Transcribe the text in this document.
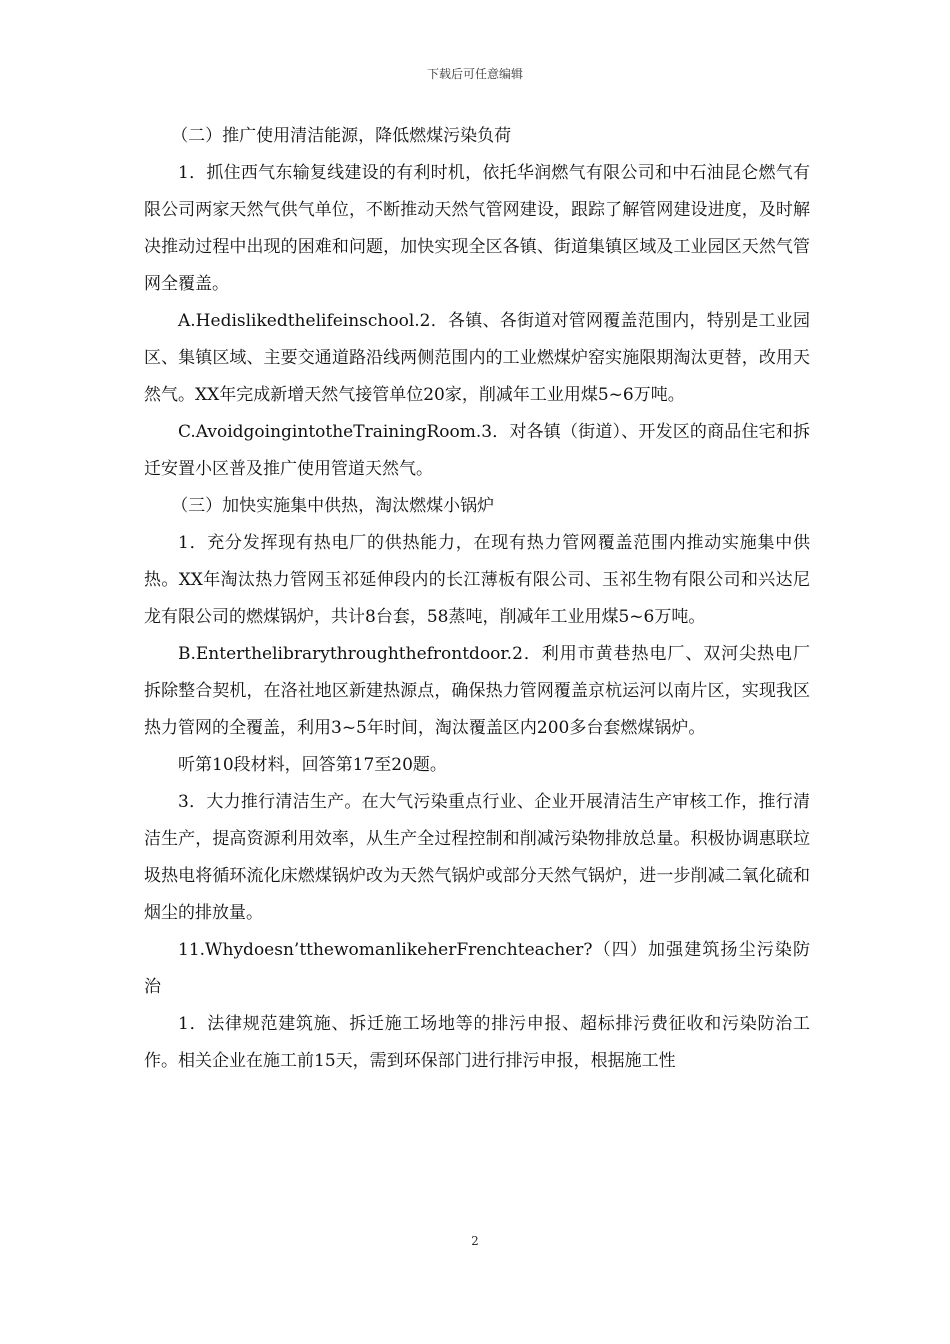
下载后可任意编辑

（二）推广使用清洁能源，降低燃煤污染负荷

1．抓住西气东输复线建设的有利时机，依托华润燃气有限公司和中石油昆仑燃气有限公司两家天然气供气单位，不断推动天然气管网建设，跟踪了解管网建设进度，及时解决推动过程中出现的困难和问题，加快实现全区各镇、街道集镇区域及工业园区天然气管网全覆盖。

A.Hedislikedthelifeinschool.2．各镇、各街道对管网覆盖范围内，特别是工业园区、集镇区域、主要交通道路沿线两侧范围内的工业燃煤炉窑实施限期淘汰更替，改用天然气。XX年完成新增天然气接管单位20家，削减年工业用煤5~6万吨。

C.AvoidgoingintotheTrainingRoom.3．对各镇（街道）、开发区的商品住宅和拆迁安置小区普及推广使用管道天然气。

（三）加快实施集中供热，淘汰燃煤小锅炉

1．充分发挥现有热电厂的供热能力，在现有热力管网覆盖范围内推动实施集中供热。XX年淘汰热力管网玉祁延伸段内的长江薄板有限公司、玉祁生物有限公司和兴达尼龙有限公司的燃煤锅炉，共计8台套，58蒸吨，削减年工业用煤5~6万吨。

B.Enterthelibrarythroughthefrontdoor.2．利用市黄巷热电厂、双河尖热电厂拆除整合契机，在洛社地区新建热源点，确保热力管网覆盖京杭运河以南片区，实现我区热力管网的全覆盖，利用3~5年时间，淘汰覆盖区内200多台套燃煤锅炉。

听第10段材料，回答第17至20题。

3．大力推行清洁生产。在大气污染重点行业、企业开展清洁生产审核工作，推行清洁生产，提高资源利用效率，从生产全过程控制和削减污染物排放总量。积极协调惠联垃圾热电将循环流化床燃煤锅炉改为天然气锅炉或部分天然气锅炉，进一步削减二氧化硫和烟尘的排放量。

11.Whydoesn’tthewomanlikeherFrenchteacher?（四）加强建筑扬尘污染防治

1．法律规范建筑施、拆迁施工场地等的排污申报、超标排污费征收和污染防治工作。相关企业在施工前15天，需到环保部门进行排污申报，根据施工性

2
